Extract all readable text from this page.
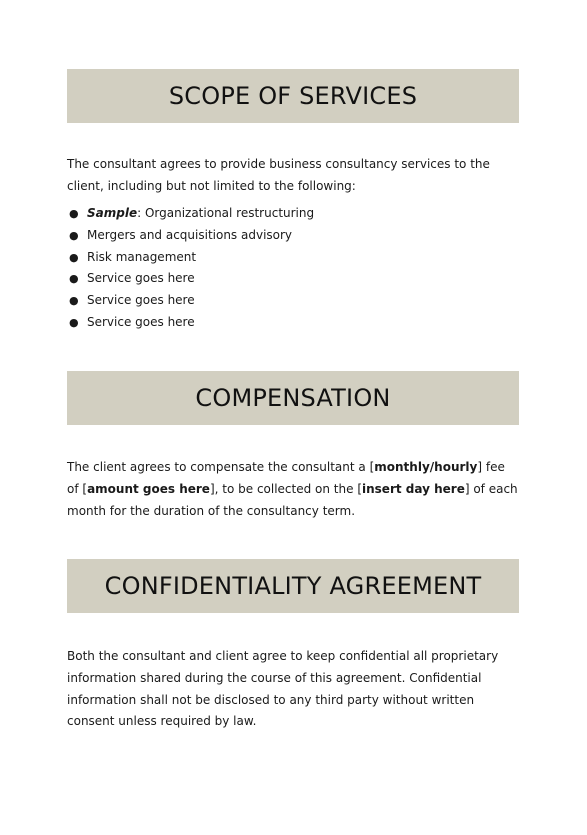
SCOPE OF SERVICES

The consultant agrees to provide business consultancy services to the client, including but not limited to the following:

● Sample: Organizational restructuring
● Mergers and acquisitions advisory
● Risk management
● Service goes here
● Service goes here
● Service goes here
COMPENSATION

The client agrees to compensate the consultant a [monthly/hourly] fee of [amount goes here], to be collected on the [insert day here] of each month for the duration of the consultancy term.

CONFIDENTIALITY AGREEMENT

Both the consultant and client agree to keep confidential all proprietary information shared during the course of this agreement. Confidential information shall not be disclosed to any third party without written consent unless required by law.
